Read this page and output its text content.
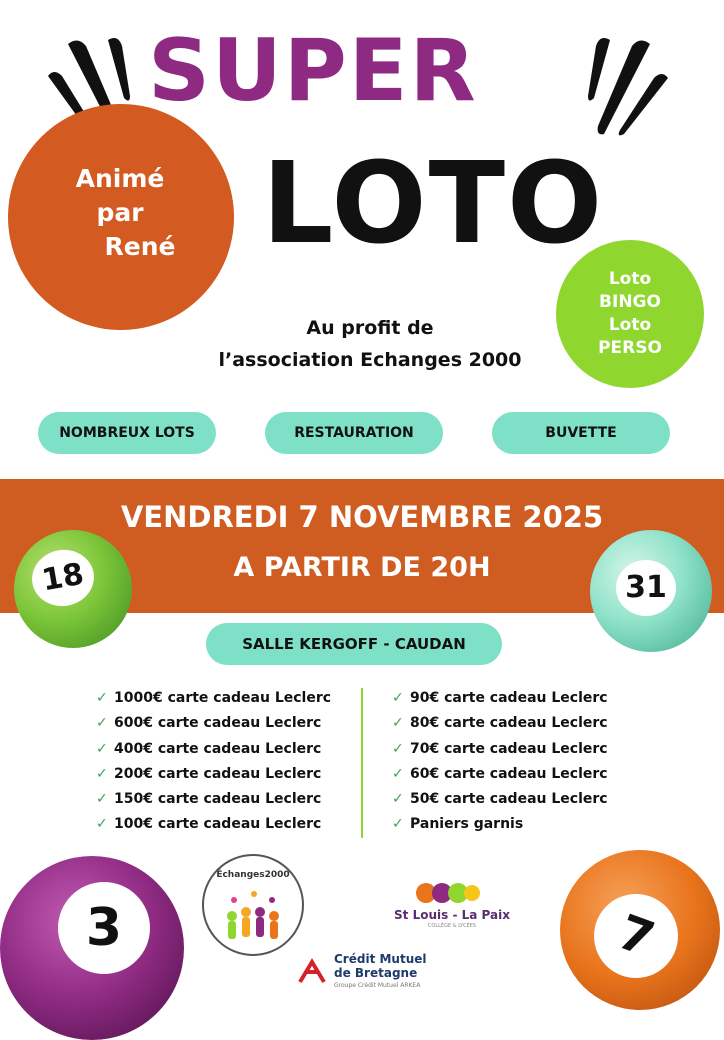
SUPER
LOTO
Animé
par
René
Loto
BINGO
Loto
PERSO
Au profit de
l’association Echanges 2000
NOMBREUX LOTS	RESTAURATION	BUVETTE
VENDREDI 7 NOVEMBRE 2025
A PARTIR DE 20H
18	31
SALLE KERGOFF - CAUDAN
✓ 1000€ carte cadeau Leclerc
✓ 600€ carte cadeau Leclerc
✓ 400€ carte cadeau Leclerc
✓ 200€ carte cadeau Leclerc
✓ 150€ carte cadeau Leclerc
✓ 100€ carte cadeau Leclerc
✓ 90€ carte cadeau Leclerc
✓ 80€ carte cadeau Leclerc
✓ 70€ carte cadeau Leclerc
✓ 60€ carte cadeau Leclerc
✓ 50€ carte cadeau Leclerc
✓ Paniers garnis
3	7
Échanges2000
St Louis - La Paix
COLLÈGE & LYCÉES
Crédit Mutuel
de Bretagne
Groupe Crédit Mutuel ARKEA
